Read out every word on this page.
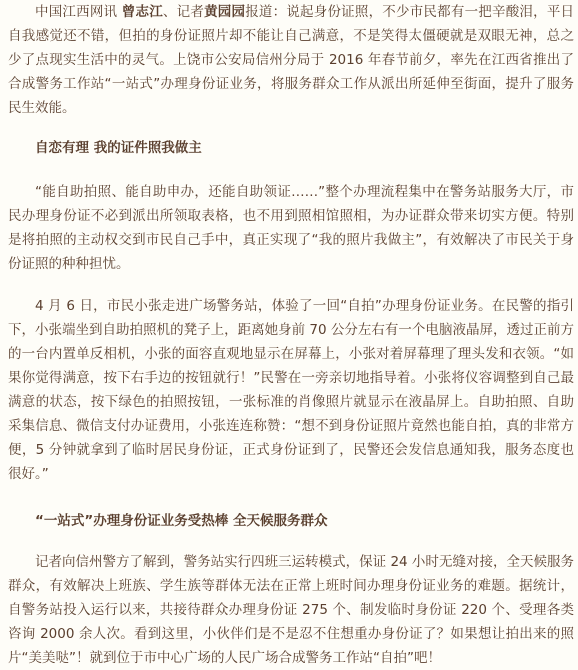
中国江西网讯 曾志江、记者黄园园报道：说起身份证照，不少市民都有一把辛酸泪，平日自我感觉还不错，但拍的身份证照片却不能让自己满意，不是笑得太僵硬就是双眼无神，总之少了点现实生活中的灵气。上饶市公安局信州分局于 2016 年春节前夕，率先在江西省推出了合成警务工作站“一站式”办理身份证业务，将服务群众工作从派出所延伸至街面，提升了服务民生效能。

自恋有理 我的证件照我做主

“能自助拍照、能自助申办，还能自助领证……”整个办理流程集中在警务站服务大厅，市民办理身份证不必到派出所领取表格，也不用到照相馆照相，为办证群众带来切实方便。特别是将拍照的主动权交到市民自己手中，真正实现了“我的照片我做主”，有效解决了市民关于身份证照的种种担忧。

4 月 6 日，市民小张走进广场警务站，体验了一回“自拍”办理身份证业务。在民警的指引下，小张端坐到自助拍照机的凳子上，距离她身前 70 公分左右有一个电脑液晶屏，透过正前方的一台内置单反相机，小张的面容直观地显示在屏幕上，小张对着屏幕理了理头发和衣领。“如果你觉得满意，按下右手边的按钮就行！”民警在一旁亲切地指导着。小张将仪容调整到自己最满意的状态，按下绿色的拍照按钮，一张标准的肖像照片就显示在液晶屏上。自助拍照、自助采集信息、微信支付办证费用，小张连连称赞：“想不到身份证照片竟然也能自拍，真的非常方便，5 分钟就拿到了临时居民身份证，正式身份证到了，民警还会发信息通知我，服务态度也很好。”

“一站式”办理身份证业务受热棒 全天候服务群众

记者向信州警方了解到，警务站实行四班三运转模式，保证 24 小时无缝对接，全天候服务群众，有效解决上班族、学生族等群体无法在正常上班时间办理身份证业务的难题。据统计，自警务站投入运行以来，共接待群众办理身份证 275 个、制发临时身份证 220 个、受理各类咨询 2000 余人次。看到这里，小伙伴们是不是忍不住想重办身份证了？如果想让拍出来的照片“美美哒”！就到位于市中心广场的人民广场合成警务工作站“自拍”吧！
